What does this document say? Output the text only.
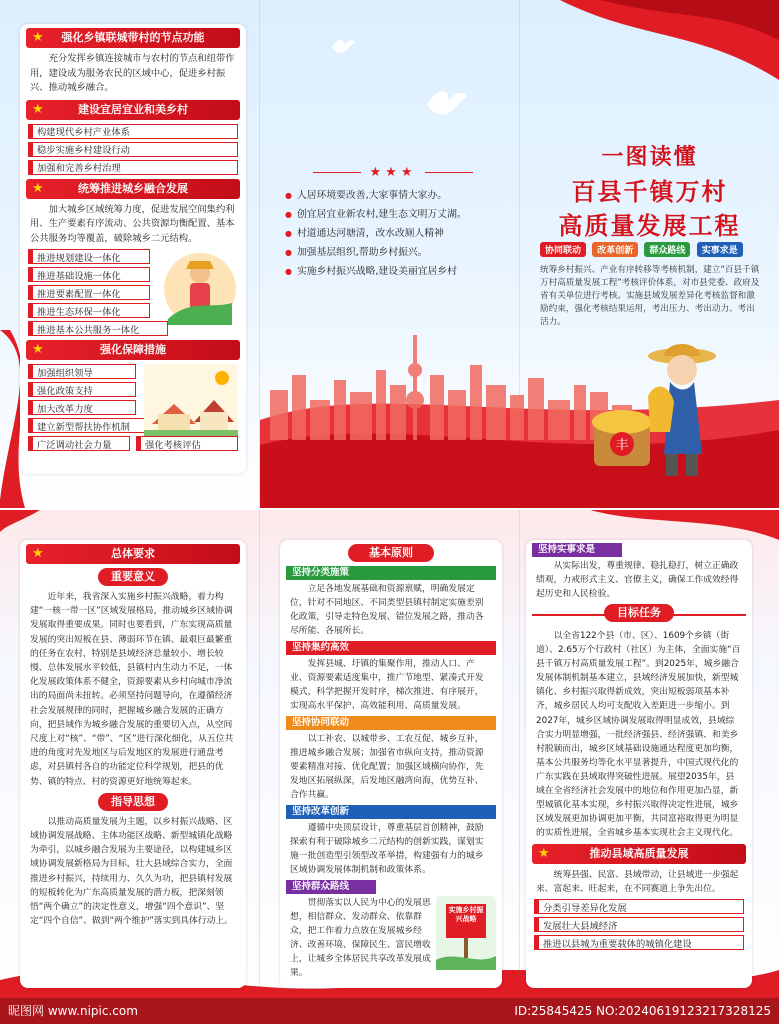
★ 强化乡镇联城带村的节点功能
充分发挥乡镇连接城市与农村的节点和纽带作用，建设成为服务农民的区域中心，促进乡村振兴、推动城乡融合。
★	建设宜居宜业和美乡村
构建现代乡村产业体系
稳步实施乡村建设行动
加强和完善乡村治理
★	统筹推进城乡融合发展
加大城乡区域统筹力度，促进发展空间集约利用、生产要素有序流动、公共资源均衡配置、基本公共服务均等覆盖，破除城乡二元结构。
推进规划建设一体化
推进基础设施一体化
推进要素配置一体化
推进生态环保一体化
推进基本公共服务一体化
★	强化保障措施
加强组织领导
强化政策支持
加大改革力度
建立新型帮扶协作机制
广泛调动社会力量	强化考核评估
★★★
● 人居环境要改善,大家事情大家办。
● 创宜居宜业新农村,建生态文明万丈湖。
● 村道通达河塘清，改水改厕人精神
● 加强基层组织,帮助乡村振兴。
● 实施乡村振兴战略,建设美丽宜居乡村
一图读懂
百县千镇万村
高质量发展工程
协同联动 改革创新 群众路线 实事求是
统筹乡村振兴、产业有序转移等考核机制，建立“百县千镇万村高质量发展工程”考核评价体系，对市县党委、政府及省有关单位进行考核。实施县域发展差异化考核监督和激励约束，强化考核结果运用，考出压力、考出动力、考出活力。
丰
★	总体要求
重要意义
近年来，我省深入实施乡村振兴战略，着力构建“一核一带一区”区域发展格局，推动城乡区域协调发展取得重要成果。同时也要看到，广东实现高质量发展的突出短板在县、薄弱环节在镇、最艰巨最繁重的任务在农村，特别是县域经济总量较小、增长较慢、总体发展水平较低，县镇村内生动力不足，一体化发展政策体系不健全，资源要素从乡村向城市净流出的局面尚未扭转。必须坚持问题导向，在遵循经济社会发展规律的同时，把握城乡融合发展的正确方向，把县域作为城乡融合发展的重要切入点，从空间尺度上对“核”、“带”、“区”进行深化细化，从五位共进的角度对先发地区与后发地区的发展进行通盘考虑，对县镇村各自的功能定位科学规划，把县的优势、镇的特点、村的资源更好地统筹起来。
指导思想
以推动高质量发展为主题，以乡村振兴战略、区域协调发展战略、主体功能区战略、新型城镇化战略为牵引，以城乡融合发展为主要途径，以构建城乡区域协调发展新格局为目标，壮大县域综合实力，全面推进乡村振兴，持续用力、久久为功，把县镇村发展的短板转化为广东高质量发展的潜力板，把深刻领悟“两个确立”的决定性意义，增强“四个意识”、坚定“四个自信”、做到“两个维护”落实到具体行动上。
基本原则
坚持分类施策
立足各地发展基础和资源禀赋，明确发展定位，针对不同地区、不同类型县镇村制定实施差别化政策，引导走特色发展、错位发展之路，推动各尽所能、各展所长。
坚持集约高效
发挥县城、圩镇的集聚作用，推动人口、产业、资源要素适度集中，推广节地型、紧凑式开发模式，科学把握开发时序，梯次推进、有序展开，实现高水平保护、高效能利用、高质量发展。
坚持协同联动
以工补农、以城带乡、工农互促、城乡互补，推进城乡融合发展；加强省市纵向支持，推动资源要素精准对接、优化配置；加强区域横向协作，先发地区拓展纵深，后发地区融湾向海，优势互补、合作共赢。
坚持改革创新
遵循中央顶层设计，尊重基层首创精神，鼓励探索有利于破除城乡二元结构的创新实践，谋划实施一批创造型引领型改革举措，构建强有力的城乡区域协调发展体制机制和政策体系。
坚持群众路线
贯彻落实以人民为中心的发展思想，相信群众、发动群众、依靠群众，把工作着力点放在发展城乡经济、改善环境、保障民生、富民增收上，让城乡全体居民共享改革发展成果。
实施乡村振兴战略
坚持实事求是
从实际出发，尊重规律、稳扎稳打，树立正确政绩观，力戒形式主义、官僚主义，确保工作成效经得起历史和人民检验。
目标任务
以全省122个县（市、区）、1609个乡镇（街道）、2.65万个行政村（社区）为主体，全面实施“百县千镇万村高质量发展工程”。到2025年，城乡融合发展体制机制基本建立，县域经济发展加快，新型城镇化、乡村振兴取得新成效，突出短板弱项基本补齐，城乡居民人均可支配收入差距进一步缩小。到2027年，城乡区域协调发展取得明显成效，县域综合实力明显增强，一批经济强县、经济强镇、和美乡村脱颖而出，城乡区域基础设施通达程度更加均衡，基本公共服务均等化水平显著提升，中国式现代化的广东实践在县域取得突破性进展。展望2035年，县域在全省经济社会发展中的地位和作用更加凸显，新型城镇化基本实现，乡村振兴取得决定性进展，城乡区域发展更加协调更加平衡，共同富裕取得更为明显的实质性进展，全省城乡基本实现社会主义现代化。
★	推动县域高质量发展
统筹县强、民富、县域带动，让县域进一步强起来、富起来、旺起来，在不同赛道上争先出位。
分类引导差异化发展
发展壮大县域经济
推进以县城为重要载体的城镇化建设
昵图网 www.nipic.com	ID:25845425 NO:20240619123217328125
